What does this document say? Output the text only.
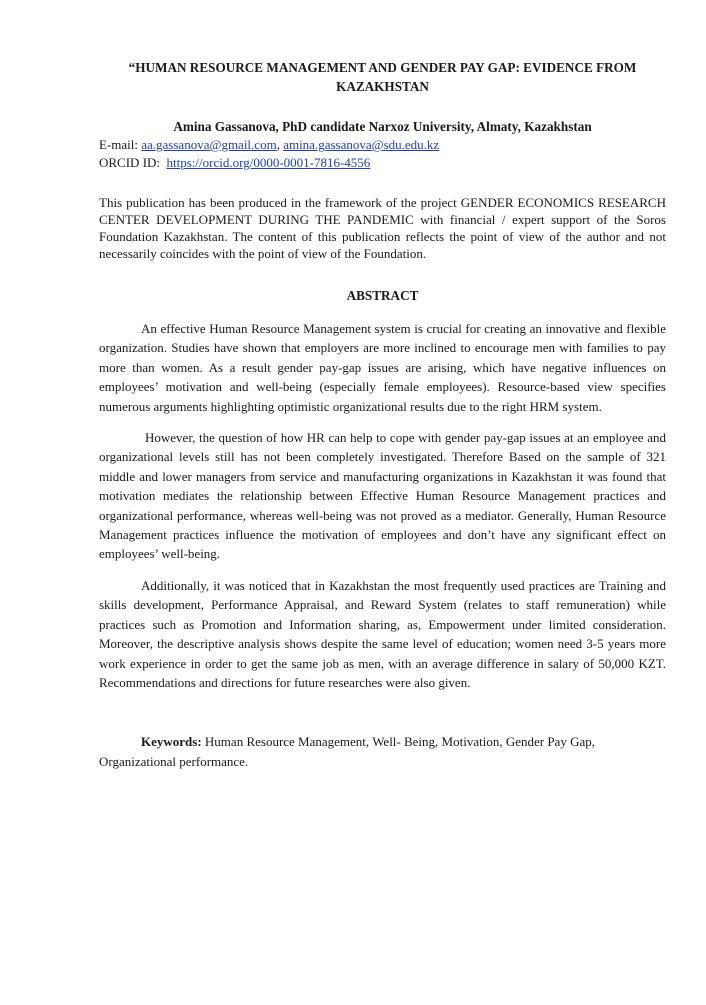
“HUMAN RESOURCE MANAGEMENT AND GENDER PAY GAP: EVIDENCE FROM KAZAKHSTAN

Amina Gassanova, PhD candidate Narxoz University, Almaty, Kazakhstan

E-mail: aa.gassanova@gmail.com, amina.gassanova@sdu.edu.kz

ORCID ID: https://orcid.org/0000-0001-7816-4556

This publication has been produced in the framework of the project GENDER ECONOMICS RESEARCH CENTER DEVELOPMENT DURING THE PANDEMIC with financial / expert support of the Soros Foundation Kazakhstan. The content of this publication reflects the point of view of the author and not necessarily coincides with the point of view of the Foundation.

ABSTRACT

An effective Human Resource Management system is crucial for creating an innovative and flexible organization. Studies have shown that employers are more inclined to encourage men with families to pay more than women. As a result gender pay-gap issues are arising, which have negative influences on employees’ motivation and well-being (especially female employees). Resource-based view specifies numerous arguments highlighting optimistic organizational results due to the right HRM system.

However, the question of how HR can help to cope with gender pay-gap issues at an employee and organizational levels still has not been completely investigated. Therefore Based on the sample of 321 middle and lower managers from service and manufacturing organizations in Kazakhstan it was found that motivation mediates the relationship between Effective Human Resource Management practices and organizational performance, whereas well-being was not proved as a mediator. Generally, Human Resource Management practices influence the motivation of employees and don’t have any significant effect on employees’ well-being.

Additionally, it was noticed that in Kazakhstan the most frequently used practices are Training and skills development, Performance Appraisal, and Reward System (relates to staff remuneration) while practices such as Promotion and Information sharing, as, Empowerment under limited consideration. Moreover, the descriptive analysis shows despite the same level of education; women need 3-5 years more work experience in order to get the same job as men, with an average difference in salary of 50,000 KZT. Recommendations and directions for future researches were also given.

Keywords: Human Resource Management, Well- Being, Motivation, Gender Pay Gap, Organizational performance.
